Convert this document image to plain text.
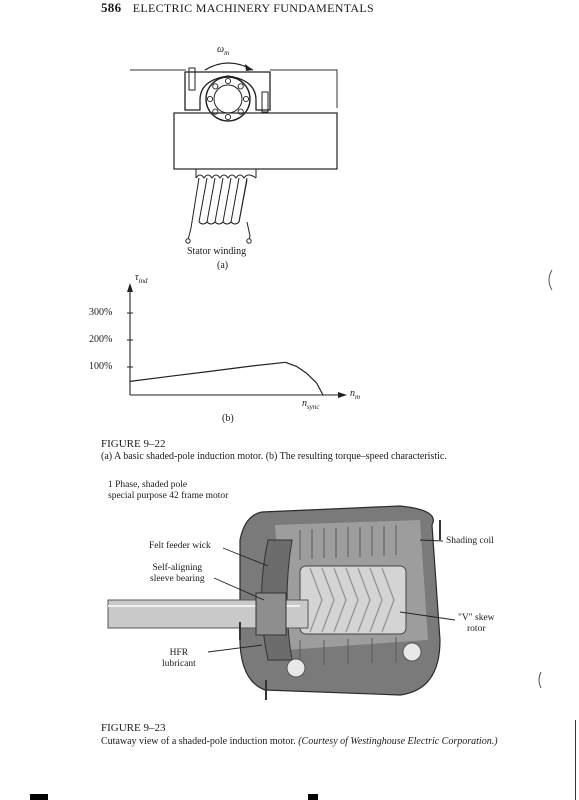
586 ELECTRIC MACHINERY FUNDAMENTALS
$\omega_m$
Stator winding
(a)
$\tau_{ind}$
300%
200%
100%
$n_{sync}$
$n_m$
(b)
FIGURE 9–22
(a) A basic shaded-pole induction motor. (b) The resulting torque–speed characteristic.
1 Phase, shaded pole
special purpose 42 frame motor
Felt feeder wick
Self-aligning
sleeve bearing
Shading coil
"V" skew
rotor
HFR
lubricant
FIGURE 9–23
Cutaway view of a shaded-pole induction motor. (Courtesy of Westinghouse Electric Corporation.)
